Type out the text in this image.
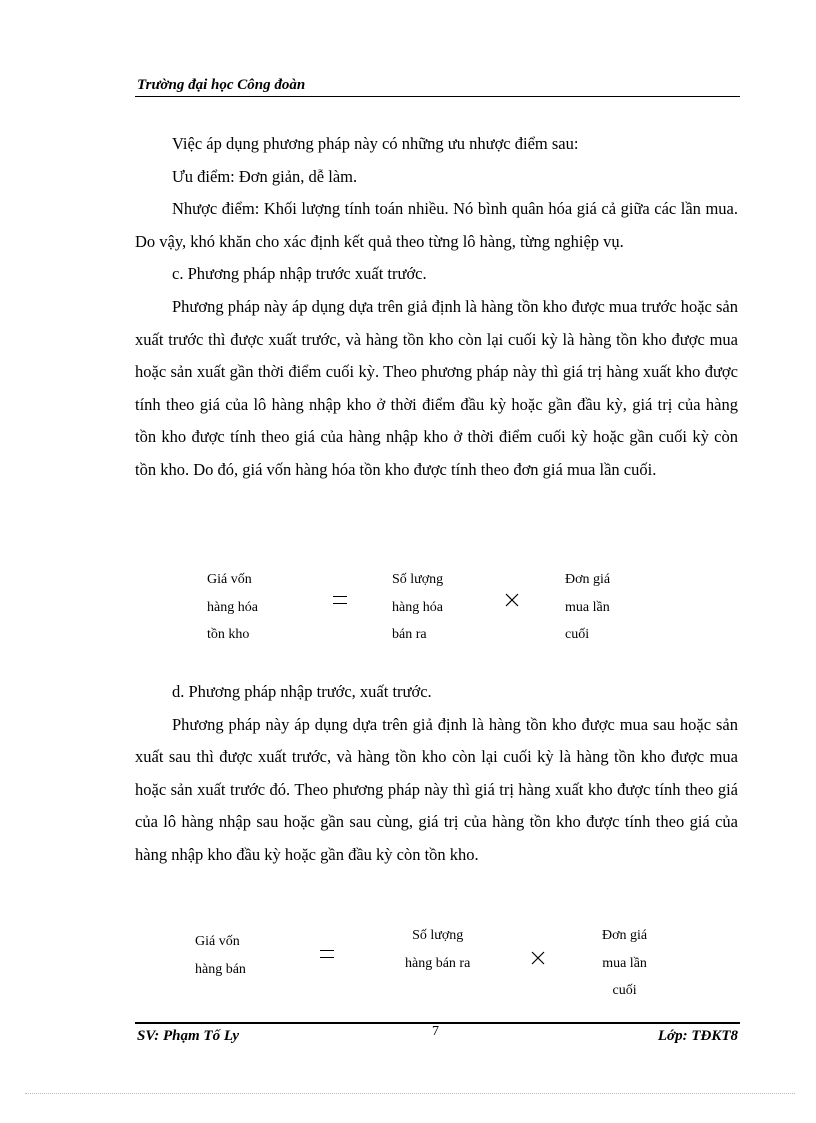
Trường đại học Công đoàn

Việc áp dụng phương pháp này có những ưu nhược điểm sau:

Ưu điểm: Đơn giản, dễ làm.

Nhược điểm: Khối lượng tính toán nhiều. Nó bình quân hóa giá cả giữa các lần mua. Do vậy, khó khăn cho xác định kết quả theo từng lô hàng, từng nghiệp vụ.

c. Phương pháp nhập trước xuất trước.

Phương pháp này áp dụng dựa trên giả định là hàng tồn kho được mua trước hoặc sản xuất trước thì được xuất trước, và hàng tồn kho còn lại cuối kỳ là hàng tồn kho được mua hoặc sản xuất gần thời điểm cuối kỳ. Theo phương pháp này thì giá trị hàng xuất kho được tính theo giá của lô hàng nhập kho ở thời điểm đầu kỳ hoặc gần đầu kỳ, giá trị của hàng tồn kho được tính theo giá của hàng nhập kho ở thời điểm cuối kỳ hoặc gần cuối kỳ còn tồn kho. Do đó, giá vốn hàng hóa tồn kho được tính theo đơn giá mua lần cuối.

Giá vốn
hàng hóa
tồn kho
Số lượng
hàng hóa
bán ra
Đơn giá
mua lần
cuối

d. Phương pháp nhập trước, xuất trước.

Phương pháp này áp dụng dựa trên giả định là hàng tồn kho được mua sau hoặc sản xuất sau thì được xuất trước, và hàng tồn kho còn lại cuối kỳ là hàng tồn kho được mua hoặc sản xuất trước đó. Theo phương pháp này thì giá trị hàng xuất kho được tính theo giá của lô hàng nhập sau hoặc gần sau cùng, giá trị của hàng tồn kho được tính theo giá của hàng nhập kho đầu kỳ hoặc gần đầu kỳ còn tồn kho.

Giá vốn
hàng bán
Số lượng
hàng bán ra
Đơn giá
mua lần
cuối
SV: Phạm Tố Ly	7	Lớp: TĐKT8
